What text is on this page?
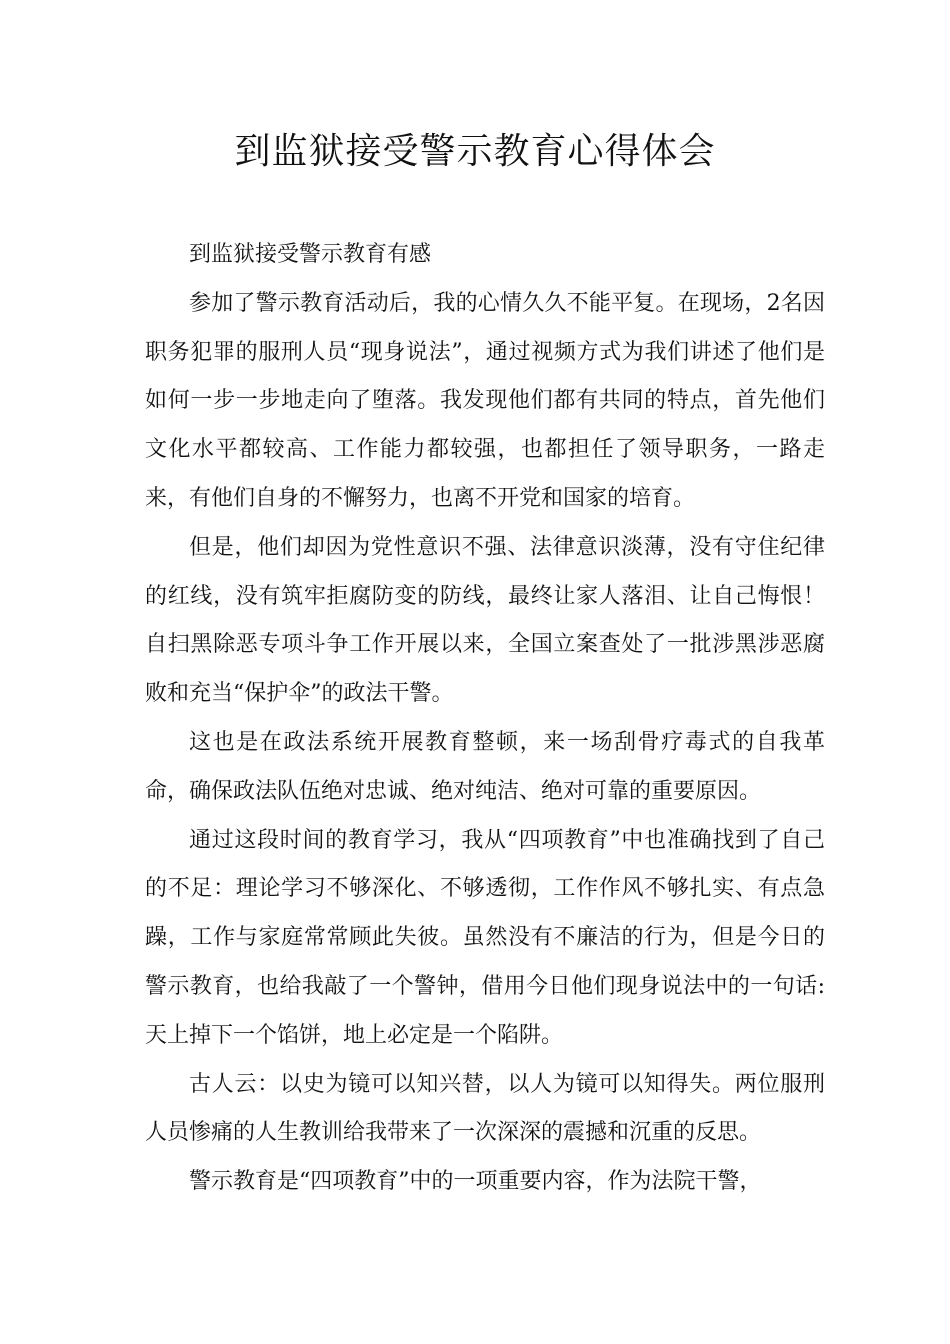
到监狱接受警示教育心得体会

到监狱接受警示教育有感

参加了警示教育活动后，我的心情久久不能平复。在现场，2名因职务犯罪的服刑人员“现身说法”，通过视频方式为我们讲述了他们是如何一步一步地走向了堕落。我发现他们都有共同的特点，首先他们文化水平都较高、工作能力都较强，也都担任了领导职务，一路走来，有他们自身的不懈努力，也离不开党和国家的培育。

但是，他们却因为党性意识不强、法律意识淡薄，没有守住纪律的红线，没有筑牢拒腐防变的防线，最终让家人落泪、让自己悔恨！自扫黑除恶专项斗争工作开展以来，全国立案查处了一批涉黑涉恶腐败和充当“保护伞”的政法干警。

这也是在政法系统开展教育整顿，来一场刮骨疗毒式的自我革命，确保政法队伍绝对忠诚、绝对纯洁、绝对可靠的重要原因。

通过这段时间的教育学习，我从“四项教育”中也准确找到了自己的不足：理论学习不够深化、不够透彻，工作作风不够扎实、有点急躁，工作与家庭常常顾此失彼。虽然没有不廉洁的行为，但是今日的警示教育，也给我敲了一个警钟，借用今日他们现身说法中的一句话:天上掉下一个馅饼，地上必定是一个陷阱。

古人云：以史为镜可以知兴替，以人为镜可以知得失。两位服刑人员惨痛的人生教训给我带来了一次深深的震撼和沉重的反思。

警示教育是“四项教育”中的一项重要内容，作为法院干警，
